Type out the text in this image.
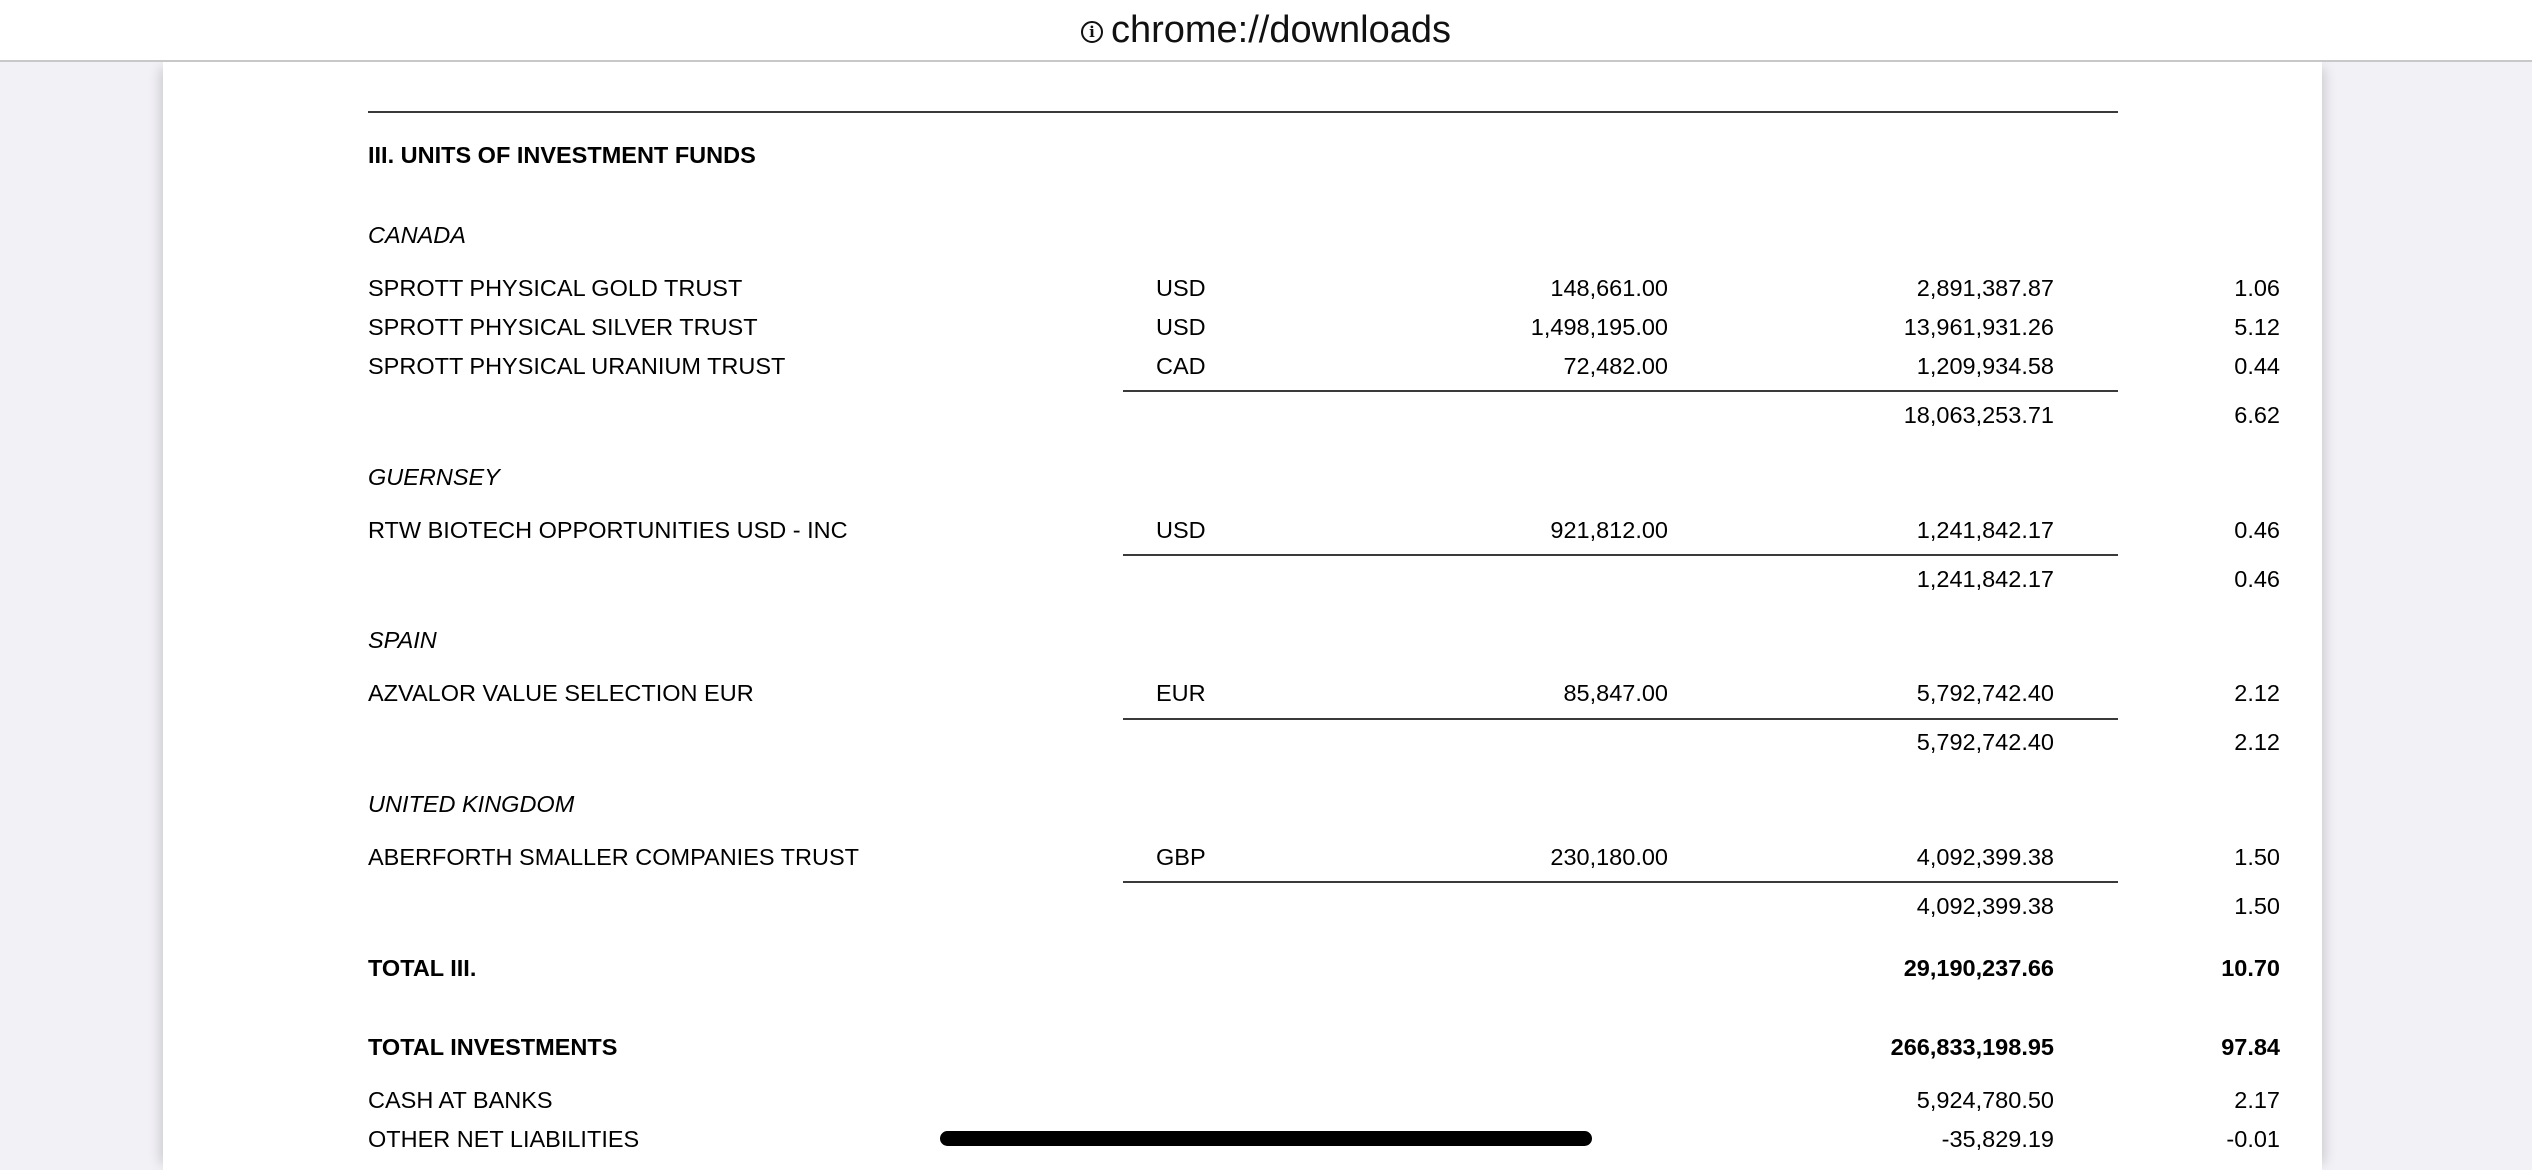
i chrome://downloads
III. UNITS OF INVESTMENT FUNDS
CANADA
SPROTT PHYSICAL GOLD TRUST	USD	148,661.00	2,891,387.87	1.06
SPROTT PHYSICAL SILVER TRUST	USD	1,498,195.00	13,961,931.26	5.12
SPROTT PHYSICAL URANIUM TRUST	CAD	72,482.00	1,209,934.58	0.44
18,063,253.71	6.62
GUERNSEY
RTW BIOTECH OPPORTUNITIES USD - INC	USD	921,812.00	1,241,842.17	0.46
1,241,842.17	0.46
SPAIN
AZVALOR VALUE SELECTION EUR	EUR	85,847.00	5,792,742.40	2.12
5,792,742.40	2.12
UNITED KINGDOM
ABERFORTH SMALLER COMPANIES TRUST	GBP	230,180.00	4,092,399.38	1.50
4,092,399.38	1.50
TOTAL III.	29,190,237.66	10.70
TOTAL INVESTMENTS	266,833,198.95	97.84
CASH AT BANKS	5,924,780.50	2.17
OTHER NET LIABILITIES	-35,829.19	-0.01
